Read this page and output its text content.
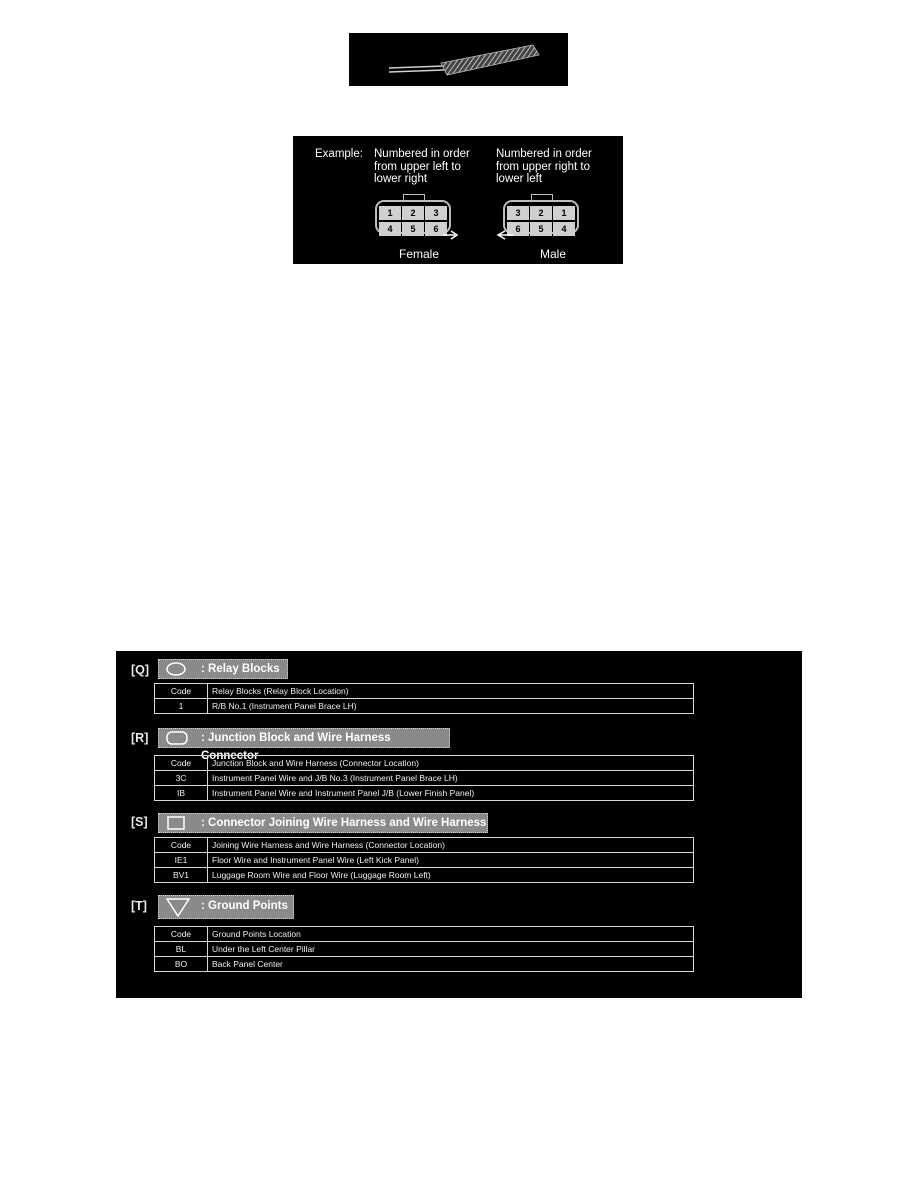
Example: Numbered in order
from upper left to
lower right
Numbered in order
from upper right to
lower left
1	2	3
4	5	6
3	2	1
6	5	4
Female	Male
[Q]	: Relay Blocks
Code	Relay Blocks (Relay Block Location)
1	R/B No.1 (Instrument Panel Brace LH)
[R]	: Junction Block and Wire Harness Connector
Code	Junction Block and Wire Harness (Connector Location)
3C	Instrument Panel Wire and J/B No.3 (Instrument Panel Brace LH)
IB	Instrument Panel Wire and Instrument Panel J/B (Lower Finish Panel)
[S]	: Connector Joining Wire Harness and Wire Harness
Code	Joining Wire Harness and Wire Harness (Connector Location)
IE1	Floor Wire and Instrument Panel Wire (Left Kick Panel)
BV1	Luggage Room Wire and Floor Wire (Luggage Room Left)
[T]	: Ground Points
Code	Ground Points Location
BL	Under the Left Center Pillar
BO	Back Panel Center
